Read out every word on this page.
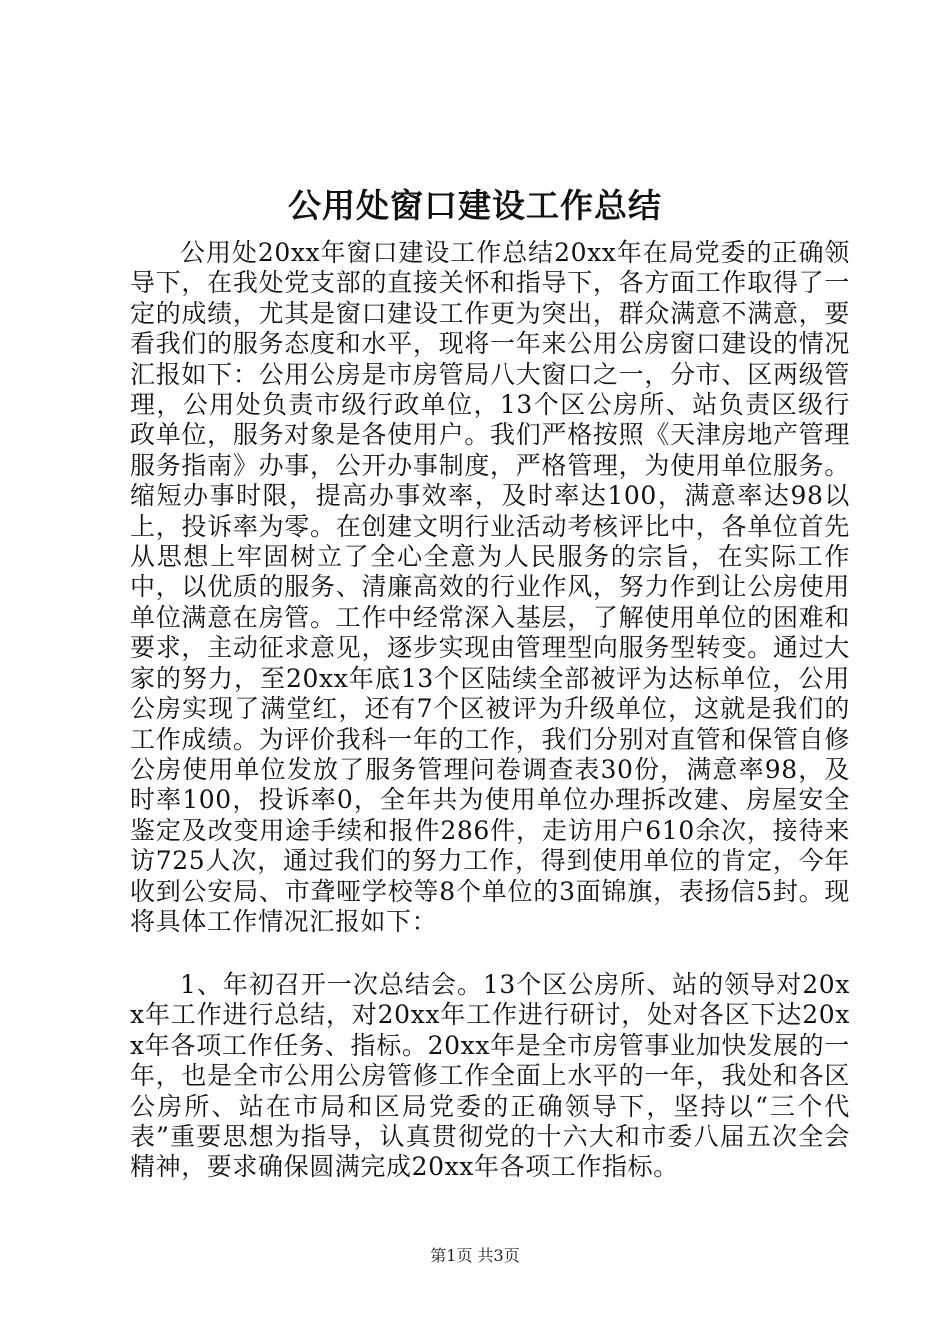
公用处窗口建设工作总结

公用处20xx年窗口建设工作总结20xx年在局党委的正确领导下，在我处党支部的直接关怀和指导下，各方面工作取得了一定的成绩，尤其是窗口建设工作更为突出，群众满意不满意，要看我们的服务态度和水平，现将一年来公用公房窗口建设的情况汇报如下：公用公房是市房管局八大窗口之一，分市、区两级管理，公用处负责市级行政单位，13个区公房所、站负责区级行政单位，服务对象是各使用户。我们严格按照《天津房地产管理服务指南》办事，公开办事制度，严格管理，为使用单位服务。缩短办事时限，提高办事效率，及时率达100，满意率达98以上，投诉率为零。在创建文明行业活动考核评比中，各单位首先从思想上牢固树立了全心全意为人民服务的宗旨，在实际工作中，以优质的服务、清廉高效的行业作风，努力作到让公房使用单位满意在房管。工作中经常深入基层，了解使用单位的困难和要求，主动征求意见，逐步实现由管理型向服务型转变。通过大家的努力，至20xx年底13个区陆续全部被评为达标单位，公用公房实现了满堂红，还有7个区被评为升级单位，这就是我们的工作成绩。为评价我科一年的工作，我们分别对直管和保管自修公房使用单位发放了服务管理问卷调查表30份，满意率98，及时率100，投诉率0，全年共为使用单位办理拆改建、房屋安全鉴定及改变用途手续和报件286件，走访用户610余次，接待来访725人次，通过我们的努力工作，得到使用单位的肯定，今年收到公安局、市聋哑学校等8个单位的3面锦旗，表扬信5封。现将具体工作情况汇报如下：

1、年初召开一次总结会。13个区公房所、站的领导对20xx年工作进行总结，对20xx年工作进行研讨，处对各区下达20xx年各项工作任务、指标。20xx年是全市房管事业加快发展的一年，也是全市公用公房管修工作全面上水平的一年，我处和各区公房所、站在市局和区局党委的正确领导下，坚持以“三个代表”重要思想为指导，认真贯彻党的十六大和市委八届五次全会精神，要求确保圆满完成20xx年各项工作指标。

第1页 共3页
